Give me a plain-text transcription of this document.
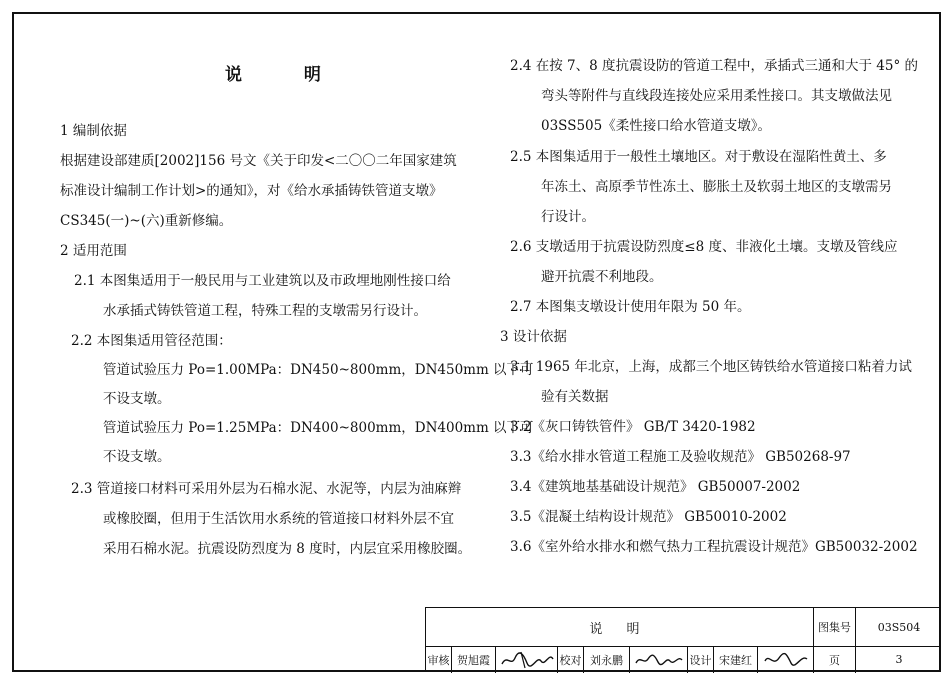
说 明
1 编制依据
根据建设部建质[2002]156 号文《关于印发<二〇〇二年国家建筑
标准设计编制工作计划>的通知》，对《给水承插铸铁管道支墩》
CS345(一)~(六)重新修编。
2 适用范围
2.1 本图集适用于一般民用与工业建筑以及市政埋地刚性接口给
水承插式铸铁管道工程，特殊工程的支墩需另行设计。
2.2 本图集适用管径范围：
管道试验压力 Po=1.00MPa：DN450~800mm，DN450mm 以下可
不设支墩。
管道试验压力 Po=1.25MPa：DN400~800mm，DN400mm 以下可
不设支墩。
2.3 管道接口材料可采用外层为石棉水泥、水泥等，内层为油麻辫
或橡胶圈，但用于生活饮用水系统的管道接口材料外层不宜
采用石棉水泥。抗震设防烈度为 8 度时，内层宜采用橡胶圈。
2.4 在按 7、8 度抗震设防的管道工程中，承插式三通和大于 45° 的
弯头等附件与直线段连接处应采用柔性接口。其支墩做法见
03SS505《柔性接口给水管道支墩》。
2.5 本图集适用于一般性土壤地区。对于敷设在湿陷性黄土、多
年冻土、高原季节性冻土、膨胀土及软弱土地区的支墩需另
行设计。
2.6 支墩适用于抗震设防烈度≤8 度、非液化土壤。支墩及管线应
避开抗震不利地段。
2.7 本图集支墩设计使用年限为 50 年。
3 设计依据
3.1 1965 年北京，上海，成都三个地区铸铁给水管道接口粘着力试
验有关数据
3.2《灰口铸铁管件》 GB/T 3420-1982
3.3《给水排水管道工程施工及验收规范》 GB50268-97
3.4《建筑地基基础设计规范》 GB50007-2002
3.5《混凝土结构设计规范》 GB50010-2002
3.6《室外给水排水和燃气热力工程抗震设计规范》GB50032-2002
说 明	图集号	03S504
审核 贺旭霞	校对 刘永鹏	设计 宋建红	页	3
